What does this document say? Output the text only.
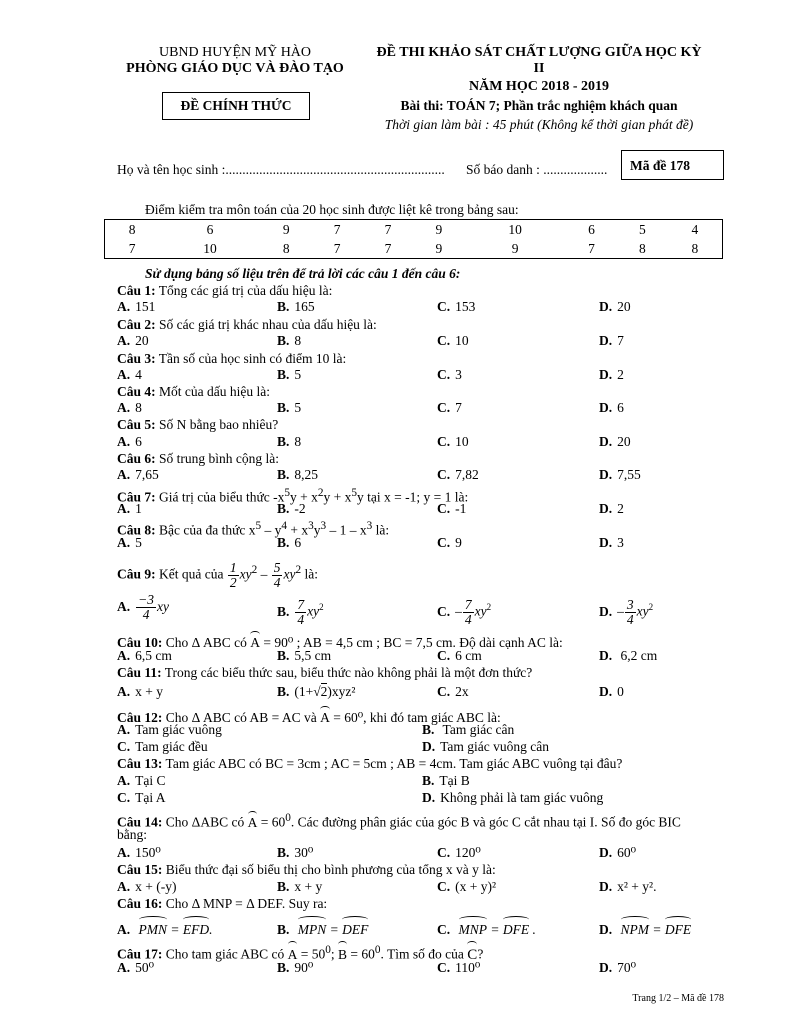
UBND HUYỆN MỸ HÀO
PHÒNG GIÁO DỤC VÀ ĐÀO TẠO
ĐỀ CHÍNH THỨC
ĐỀ THI KHẢO SÁT CHẤT LƯỢNG GIỮA HỌC KỲ
II
NĂM HỌC 2018 - 2019
Bài thi: TOÁN 7; Phần trắc nghiệm khách quan
Thời gian làm bài : 45 phút (Không kể thời gian phát đề)
Họ và tên học sinh :................................................................. Số báo danh : ...................	Mã đề 178
Điểm kiểm tra môn toán của 20 học sinh được liệt kê trong bảng sau:
8	6	9	7	7	9	10	6	5	4
7	10	8	7	7	9	9	7	8	8
Sử dụng bảng số liệu trên để trả lời các câu 1 đến câu 6:
Câu 1: Tổng các giá trị của dấu hiệu là:
A. 151	B. 165	C. 153	D. 20
Câu 2: Số các giá trị khác nhau của dấu hiệu là:
A. 20	B. 8	C. 10	D. 7
Câu 3: Tần số của học sinh có điểm 10 là:
A. 4	B. 5	C. 3	D. 2
Câu 4: Mốt của dấu hiệu là:
A. 8	B. 5	C. 7	D. 6
Câu 5: Số N bằng bao nhiêu?
A. 6	B. 8	C. 10	D. 20
Câu 6: Số trung bình cộng là:
A. 7,65	B. 8,25	C. 7,82	D. 7,55
Câu 7: Giá trị của biểu thức $-x^5y + x^2y + x^5y$ tại x = -1; y = 1 là:
A. 1	B. -2	C. -1	D. 2
Câu 8: Bậc của đa thức $x^5 - y^4 + x^3y^3 - 1 - x^3$ là:
A. 5	B. 6	C. 9	D. 3
Câu 9: Kết quả của $\frac{1}{2} xy^2 - \frac{5}{4} xy^2$ là:
A. $\frac{-3}{4}$ xy	B. $\frac{7}{4} xy^2$	C. – $\frac{7}{4} xy^2$	D. – $\frac{3}{4} xy^2$
Câu 10: Cho Δ ABC có A = 90⁰ ; AB = 4,5 cm ; BC = 7,5 cm. Độ dài cạnh AC là:
A. 6,5 cm	B. 5,5 cm	C. 6 cm	D. 6,2 cm
Câu 11: Trong các biểu thức sau, biểu thức nào không phải là một đơn thức?
A. x + y	B. (1+√2)xyz²	C. 2x	D. 0
Câu 12: Cho Δ ABC có AB = AC và A = 60⁰, khi đó tam giác ABC là:
A. Tam giác vuông	B. Tam giác cân
C. Tam giác đều	D. Tam giác vuông cân
Câu 13: Tam giác ABC có BC = 3cm ; AC = 5cm ; AB = 4cm. Tam giác ABC vuông tại đâu?
A. Tại C	B. Tại B
C. Tại A	D. Không phải là tam giác vuông
Câu 14: Cho ΔABC có $A = 60^0$. Các đường phân giác của góc B và góc C cắt nhau tại I. Số đo góc BIC
bằng:
A. 150⁰	B. 30⁰	C. 120⁰	D. 60⁰
Câu 15: Biểu thức đại số biểu thị cho bình phương của tổng x và y là:
A. x + (-y)	B. x + y	C. (x + y)²	D. x² + y².
Câu 16: Cho Δ MNP = Δ DEF. Suy ra:
A. PMN = EFD.	B. MPN = DEF	C. MNP = DFE .	D. NPM = DFE
Câu 17: Cho tam giác ABC có $A = 50^0$; $B = 60^0$. Tìm số đo của C?
A. 50⁰	B. 90⁰	C. 110⁰	D. 70⁰
Trang 1/2 – Mã đề 178
